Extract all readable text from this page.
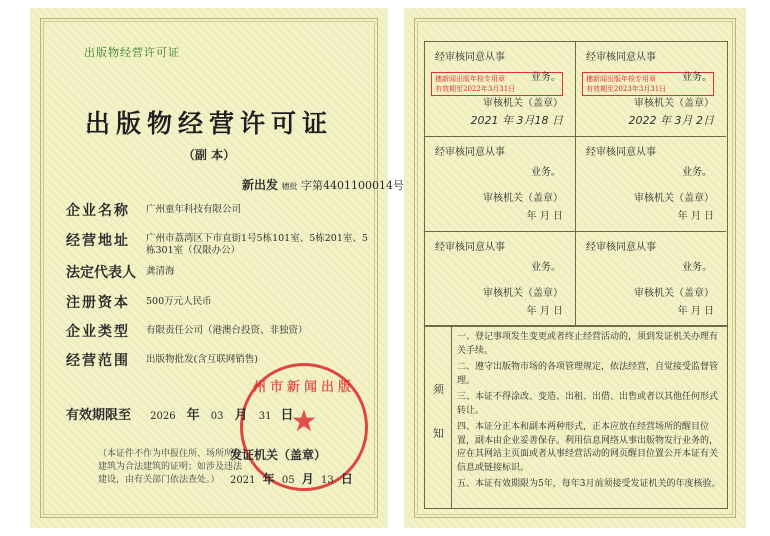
出版物经营许可证
出版物经营许可证
（副 本）
新出发 穗批 字第4401100014号
企业名称 广州童年科技有限公司
经营地址 广州市荔湾区下市直街1号5栋101室、5栋201室、5栋301室（仅限办公）
法定代表人 龚清海
注册资本 500万元人民币
企业类型 有限责任公司（港澳台投资、非独资）
经营范围 出版物批发(含互联网销售)
州市新闻出版
★
有效期限至 2026 年 03 月 31 日
（本证件不作为申报住所、场所所在建筑为合法建筑的证明；如涉及违法建设，由有关部门依法查处。）
发证机关（盖章）
2021 年 05 月 13 日
经审核同意从事
穗新闻出版年检专用章
有效期至2022年3月31日
业务。
审核机关（盖章）
2021 年 3月18 日
经审核同意从事
穗新闻出版年检专用章
有效期至2023年3月31日
业务。
审核机关（盖章）
2022 年 3月 2日
经审核同意从事
业务。
审核机关（盖章）
年 月 日
经审核同意从事
业务。
审核机关（盖章）
年 月 日
经审核同意从事
业务。
审核机关（盖章）
年 月 日
经审核同意从事
业务。
审核机关（盖章）
年 月 日
须
知
一、登记事项发生变更或者终止经营活动的，须到发证机关办理有关手续。
二、遵守出版物市场的各项管理规定，依法经营，自觉接受监督管理。
三、本证不得涂改、变造、出租、出借、出售或者以其他任何形式转让。
四、本证分正本和副本两种形式，正本应放在经营场所的醒目位置，副本由企业妥善保存。利用信息网络从事出版物发行业务的，应在其网站主页面或者从事经营活动的网页醒目位置公开本证有关信息或链接标识。
五、本证有效期限为5年，每年3月前须接受发证机关的年度核验。
